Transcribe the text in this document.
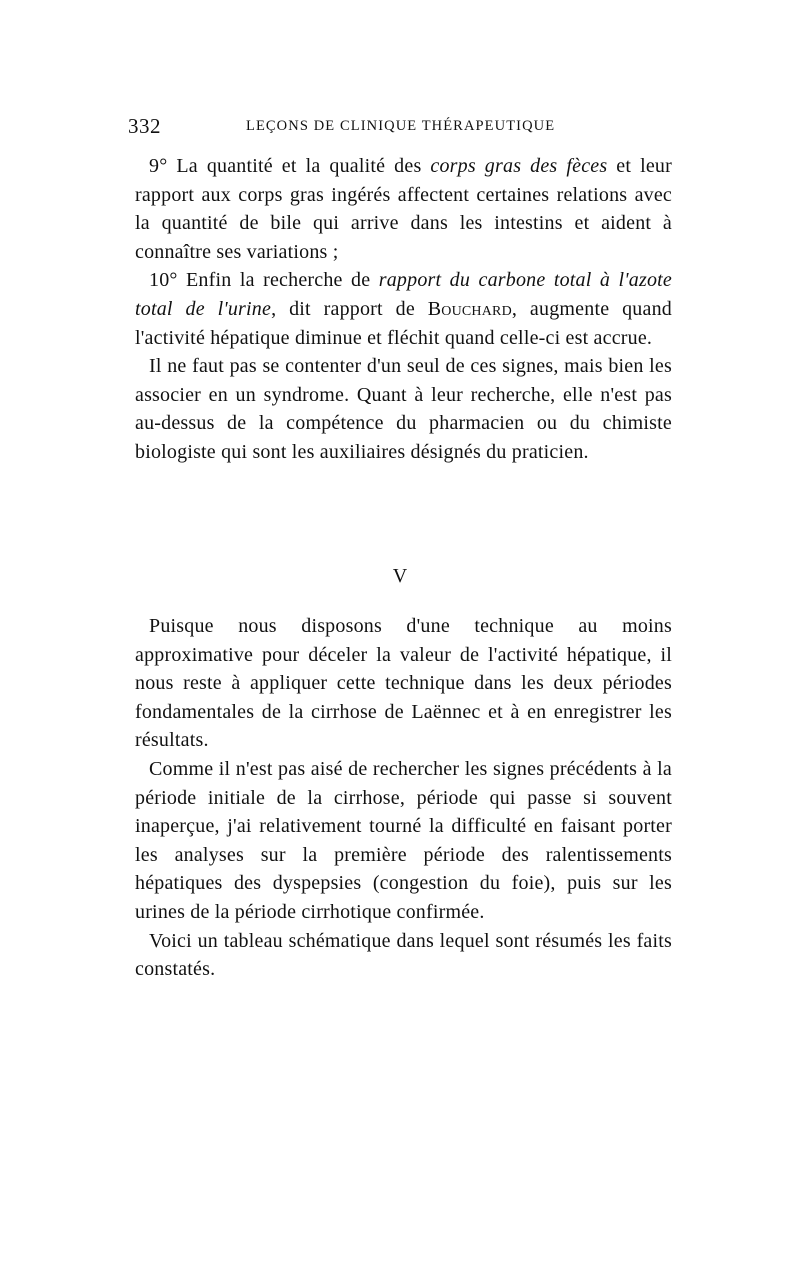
332	LEÇONS DE CLINIQUE THÉRAPEUTIQUE

9° La quantité et la qualité des corps gras des fèces et leur rapport aux corps gras ingérés affectent certaines relations avec la quantité de bile qui arrive dans les intestins et aident à connaître ses variations ;

10° Enfin la recherche de rapport du carbone total à l'azote total de l'urine, dit rapport de Bouchard, augmente quand l'activité hépatique diminue et fléchit quand celle-ci est accrue.

Il ne faut pas se contenter d'un seul de ces signes, mais bien les associer en un syndrome. Quant à leur recherche, elle n'est pas au-dessus de la compétence du pharmacien ou du chimiste biologiste qui sont les auxiliaires désignés du praticien.

V

Puisque nous disposons d'une technique au moins approximative pour déceler la valeur de l'activité hépatique, il nous reste à appliquer cette technique dans les deux périodes fondamentales de la cirrhose de Laënnec et à en enregistrer les résultats.

Comme il n'est pas aisé de rechercher les signes précédents à la période initiale de la cirrhose, période qui passe si souvent inaperçue, j'ai relativement tourné la difficulté en faisant porter les analyses sur la première période des ralentissements hépatiques des dyspepsies (congestion du foie), puis sur les urines de la période cirrhotique confirmée.

Voici un tableau schématique dans lequel sont résumés les faits constatés.
